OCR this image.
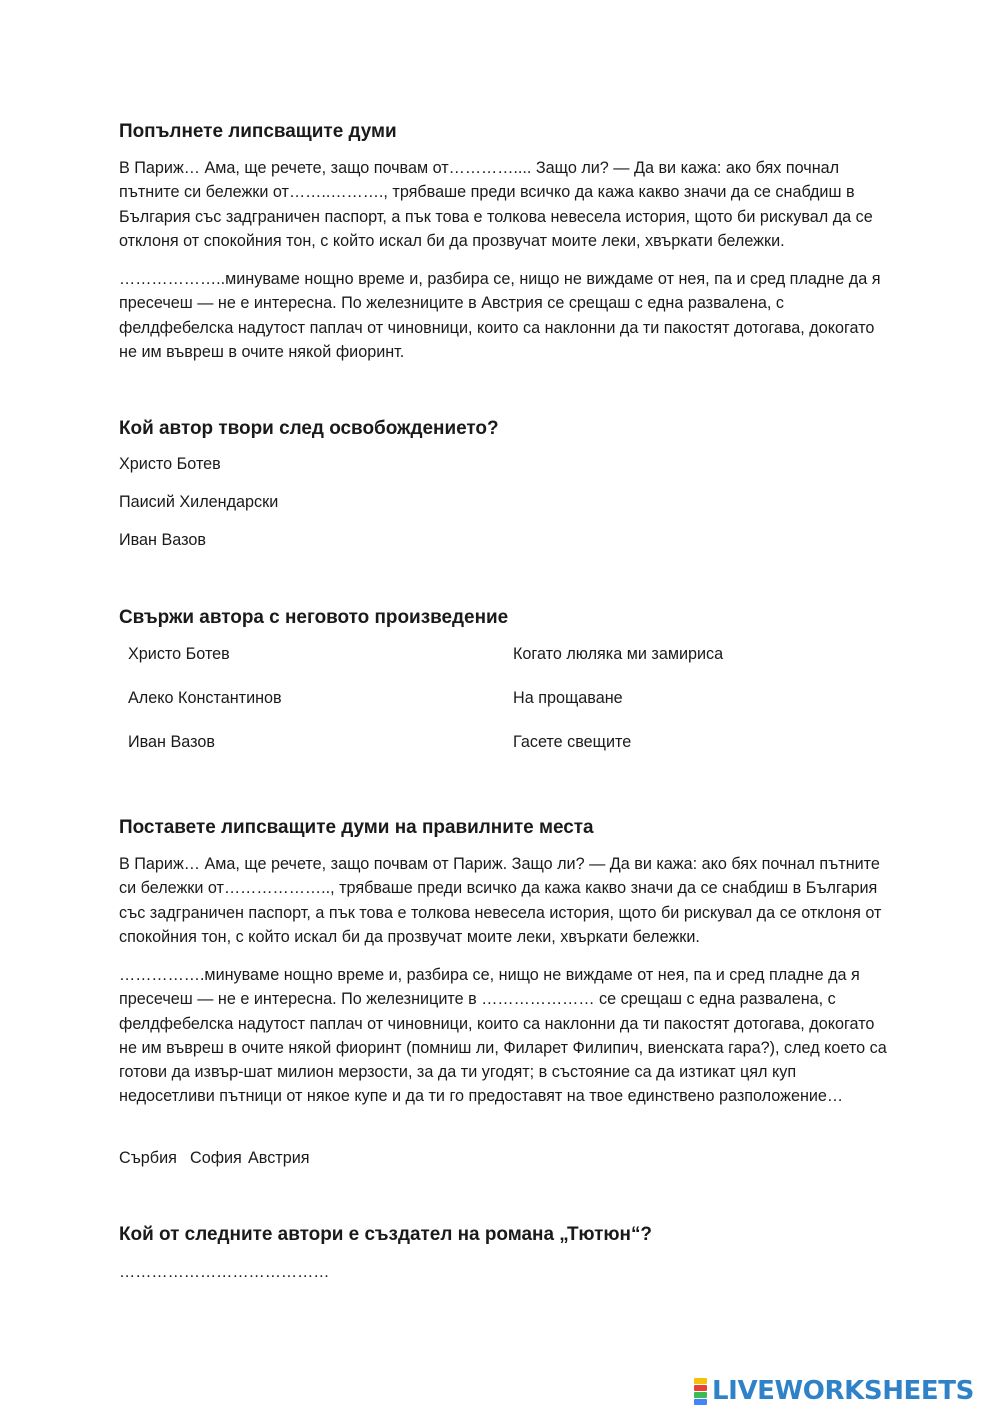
Попълнете липсващите думи

В Париж… Ама, ще речете, защо почвам от………….... Защо ли? — Да ви кажа: ако бях почнал пътните си бележки от……..………., трябваше преди всичко да кажа какво значи да се снабдиш в България със задграничен паспорт, а пък това е толкова невесела история, щото би рискувал да се отклоня от спокойния тон, с който искал би да прозвучат моите леки, хвъркати бележки.

………………..минуваме нощно време и, разбира се, нищо не виждаме от нея, па и сред пладне да я пресечеш — не е интересна. По железниците в Австрия се срещаш с една развалена, с фелдфебелска надутост паплач от чиновници, които са наклонни да ти пакостят дотогава, докогато не им въвреш в очите някой фиоринт.

Кой автор твори след освобождението?
Христо Ботев
Паисий Хилендарски
Иван Вазов
Свържи автора с неговото произведение
Христо Ботев
Алеко Константинов
Иван Вазов
Когато люляка ми замириса
На прощаване
Гасете свещите
Поставете липсващите думи на правилните места

В Париж… Ама, ще речете, защо почвам от Париж. Защо ли? — Да ви кажа: ако бях почнал пътните си бележки от……………….., трябваше преди всичко да кажа какво значи да се снабдиш в България със задграничен паспорт, а пък това е толкова невесела история, щото би рискувал да се отклоня от спокойния тон, с който искал би да прозвучат моите леки, хвъркати бележки.

…………….минуваме нощно време и, разбира се, нищо не виждаме от нея, па и сред пладне да я пресечеш — не е интересна. По железниците в ………………… се срещаш с една развалена, с фелдфебелска надутост паплач от чиновници, които са наклонни да ти пакостят дотогава, докогато не им въвреш в очите някой фиоринт (помниш ли, Филарет Филипич, виенската гара?), след което са готови да извър-шат милион мерзости, за да ти угодят; в състояние са да изтикат цял куп недосетливи пътници от някое купе и да ти го предоставят на твое единствено разположение…

Сърбия София Австрия
Кой от следните автори е създател на романа „Тютюн“?
…………………………………
LIVEWORKSHEETS
